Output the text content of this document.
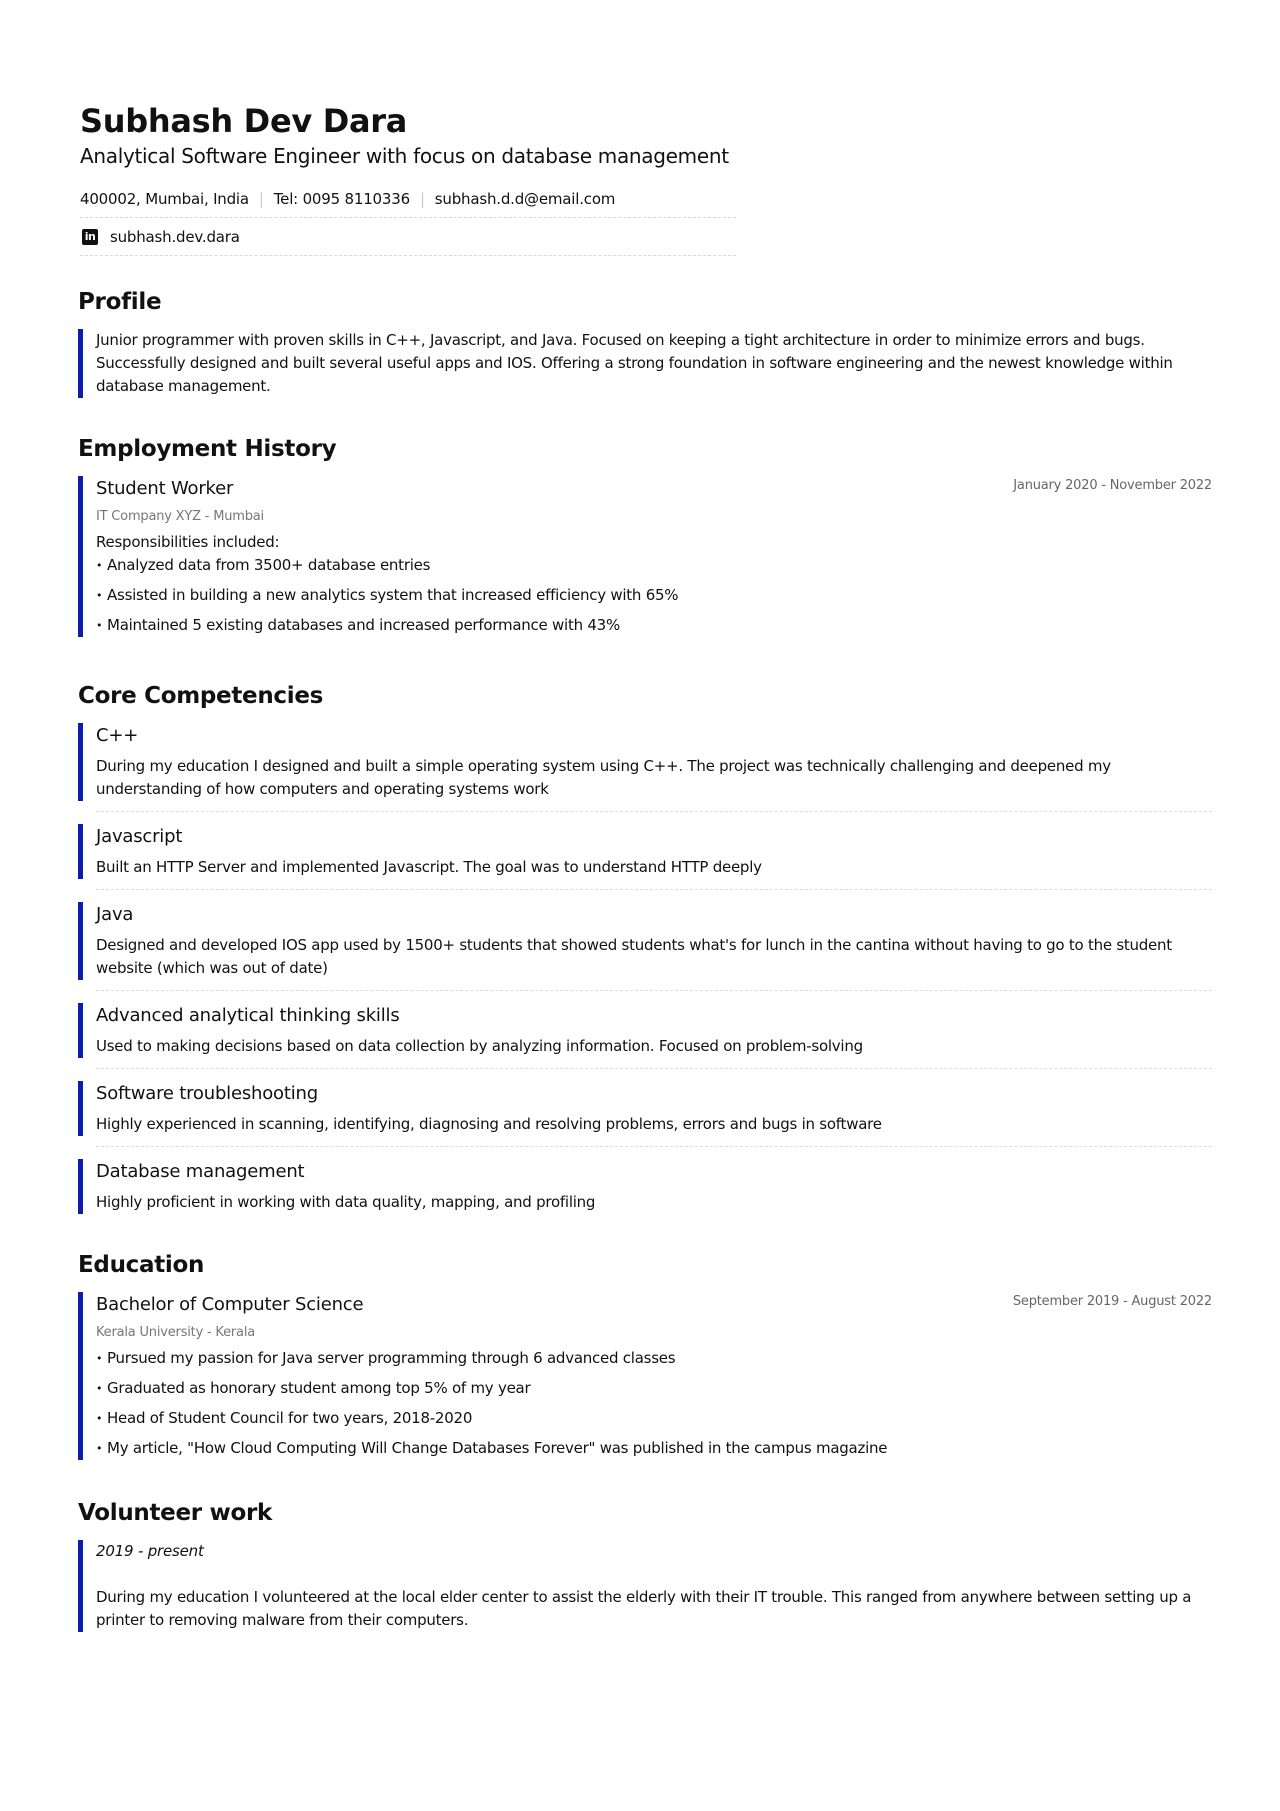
Subhash Dev Dara
Analytical Software Engineer with focus on database management
400002, Mumbai, India | Tel: 0095 8110336 | subhash.d.d@email.com
in subhash.dev.dara
Profile

Junior programmer with proven skills in C++, Javascript, and Java. Focused on keeping a tight architecture in order to minimize errors and bugs. Successfully designed and built several useful apps and IOS. Offering a strong foundation in software engineering and the newest knowledge within database management.

Employment History
Student Worker	January 2020 - November 2022
IT Company XYZ - Mumbai
Responsibilities included:
• Analyzed data from 3500+ database entries
• Assisted in building a new analytics system that increased efficiency with 65%
• Maintained 5 existing databases and increased performance with 43%
Core Competencies
C++

During my education I designed and built a simple operating system using C++. The project was technically challenging and deepened my understanding of how computers and operating systems work

Javascript

Built an HTTP Server and implemented Javascript. The goal was to understand HTTP deeply

Java

Designed and developed IOS app used by 1500+ students that showed students what's for lunch in the cantina without having to go to the student website (which was out of date)

Advanced analytical thinking skills

Used to making decisions based on data collection by analyzing information. Focused on problem-solving

Software troubleshooting

Highly experienced in scanning, identifying, diagnosing and resolving problems, errors and bugs in software

Database management

Highly proficient in working with data quality, mapping, and profiling

Education
Bachelor of Computer Science	September 2019 - August 2022
Kerala University - Kerala
• Pursued my passion for Java server programming through 6 advanced classes
• Graduated as honorary student among top 5% of my year
• Head of Student Council for two years, 2018-2020
• My article, "How Cloud Computing Will Change Databases Forever" was published in the campus magazine
Volunteer work
2019 - present

During my education I volunteered at the local elder center to assist the elderly with their IT trouble. This ranged from anywhere between setting up a printer to removing malware from their computers.
